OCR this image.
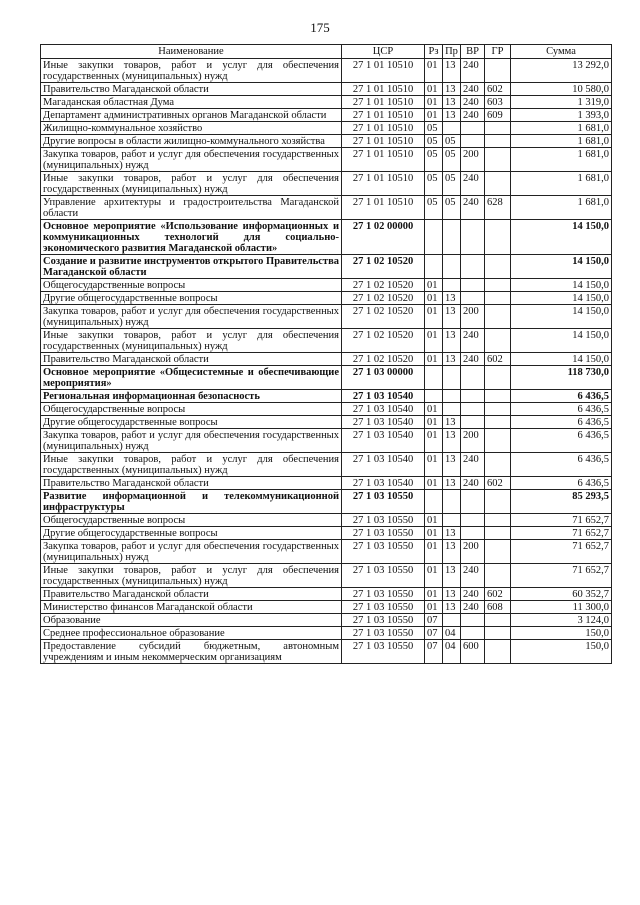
175
Наименование	ЦСР	Рз	Пр	ВР	ГР	Сумма
Иные закупки товаров, работ и услуг для обеспечения государственных (муниципальных) нужд	27 1 01 10510	01	13	240		13 292,0
Правительство Магаданской области	27 1 01 10510	01	13	240	602	10 580,0
Магаданская областная Дума	27 1 01 10510	01	13	240	603	1 319,0
Департамент административных органов Магаданской области	27 1 01 10510	01	13	240	609	1 393,0
Жилищно-коммунальное хозяйство	27 1 01 10510	05				1 681,0
Другие вопросы в области жилищно-коммунального хозяйства	27 1 01 10510	05	05			1 681,0
Закупка товаров, работ и услуг для обеспечения государственных (муниципальных) нужд	27 1 01 10510	05	05	200		1 681,0
Иные закупки товаров, работ и услуг для обеспечения государственных (муниципальных) нужд	27 1 01 10510	05	05	240		1 681,0
Управление архитектуры и градостроительства Магаданской области	27 1 01 10510	05	05	240	628	1 681,0
Основное мероприятие «Использование информационных и коммуникационных технологий для социально-экономического развития Магаданской области»	27 1 02 00000					14 150,0
Создание и развитие инструментов открытого Правительства Магаданской области	27 1 02 10520					14 150,0
Общегосударственные вопросы	27 1 02 10520	01				14 150,0
Другие общегосударственные вопросы	27 1 02 10520	01	13			14 150,0
Закупка товаров, работ и услуг для обеспечения государственных (муниципальных) нужд	27 1 02 10520	01	13	200		14 150,0
Иные закупки товаров, работ и услуг для обеспечения государственных (муниципальных) нужд	27 1 02 10520	01	13	240		14 150,0
Правительство Магаданской области	27 1 02 10520	01	13	240	602	14 150,0
Основное мероприятие «Общесистемные и обеспечивающие мероприятия»	27 1 03 00000					118 730,0
Региональная информационная безопасность	27 1 03 10540					6 436,5
Общегосударственные вопросы	27 1 03 10540	01				6 436,5
Другие общегосударственные вопросы	27 1 03 10540	01	13			6 436,5
Закупка товаров, работ и услуг для обеспечения государственных (муниципальных) нужд	27 1 03 10540	01	13	200		6 436,5
Иные закупки товаров, работ и услуг для обеспечения государственных (муниципальных) нужд	27 1 03 10540	01	13	240		6 436,5
Правительство Магаданской области	27 1 03 10540	01	13	240	602	6 436,5
Развитие информационной и телекоммуникационной инфраструктуры	27 1 03 10550					85 293,5
Общегосударственные вопросы	27 1 03 10550	01				71 652,7
Другие общегосударственные вопросы	27 1 03 10550	01	13			71 652,7
Закупка товаров, работ и услуг для обеспечения государственных (муниципальных) нужд	27 1 03 10550	01	13	200		71 652,7
Иные закупки товаров, работ и услуг для обеспечения государственных (муниципальных) нужд	27 1 03 10550	01	13	240		71 652,7
Правительство Магаданской области	27 1 03 10550	01	13	240	602	60 352,7
Министерство финансов Магаданской области	27 1 03 10550	01	13	240	608	11 300,0
Образование	27 1 03 10550	07				3 124,0
Среднее профессиональное образование	27 1 03 10550	07	04			150,0
Предоставление субсидий бюджетным, автономным учреждениям и иным некоммерческим организациям	27 1 03 10550	07	04	600		150,0
